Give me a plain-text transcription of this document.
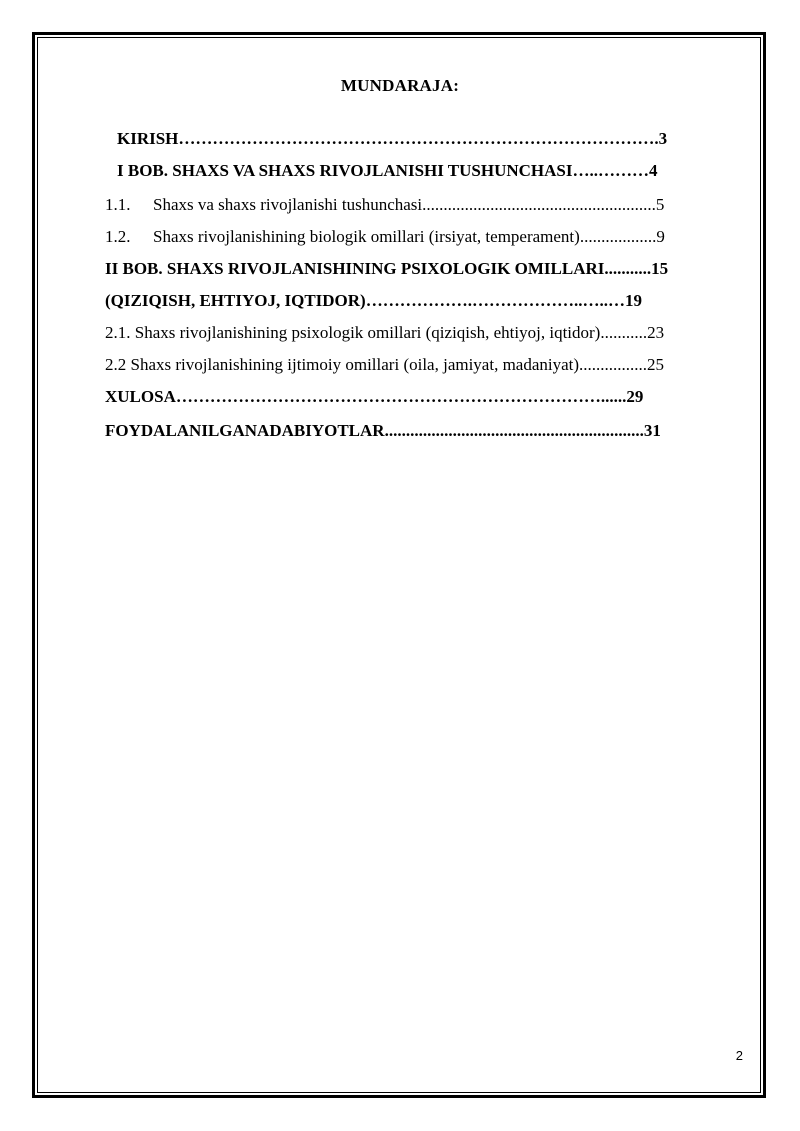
MUNDARAJA:
KIRISH………………………………………………………………………….3
I BOB. SHAXS VA SHAXS RIVOJLANISHI TUSHUNCHASI…..………4
1.1. Shaxs va shaxs rivojlanishi tushunchasi.......................................................5
1.2. Shaxs rivojlanishining biologik omillari (irsiyat, temperament)..................9
II BOB. SHAXS RIVOJLANISHINING PSIXOLOGIK OMILLARI...........15
(QIZIQISH, EHTIYOJ, IQTIDOR)……………….………………..…..…19
2.1. Shaxs rivojlanishining psixologik omillari (qiziqish, ehtiyoj, iqtidor)...........23
2.2 Shaxs rivojlanishining ijtimoiy omillari (oila, jamiyat, madaniyat)................25
XULOSA…………………………………………………………………......29
FOYDALANILGANADABIYOTLAR.............................................................31
2
